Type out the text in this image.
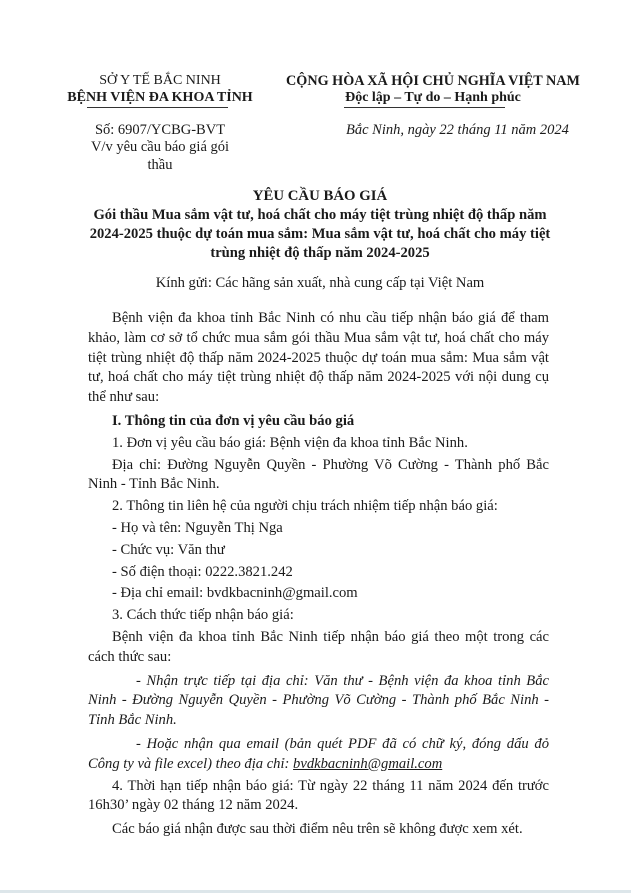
SỞ Y TẾ BẮC NINH
BỆNH VIỆN ĐA KHOA TỈNH
Số: 6907/YCBG-BVT
V/v yêu cầu báo giá gói
thầu
CỘNG HÒA XÃ HỘI CHỦ NGHĨA VIỆT NAM
Độc lập – Tự do – Hạnh phúc
Bắc Ninh, ngày 22 tháng 11 năm 2024
YÊU CẦU BÁO GIÁ
Gói thầu Mua sắm vật tư, hoá chất cho máy tiệt trùng nhiệt độ thấp năm
2024-2025 thuộc dự toán mua sắm: Mua sắm vật tư, hoá chất cho máy tiệt
trùng nhiệt độ thấp năm 2024-2025
Kính gửi: Các hãng sản xuất, nhà cung cấp tại Việt Nam

Bệnh viện đa khoa tỉnh Bắc Ninh có nhu cầu tiếp nhận báo giá để tham khảo, làm cơ sở tổ chức mua sắm gói thầu Mua sắm vật tư, hoá chất cho máy tiệt trùng nhiệt độ thấp năm 2024-2025 thuộc dự toán mua sắm: Mua sắm vật tư, hoá chất cho máy tiệt trùng nhiệt độ thấp năm 2024-2025 với nội dung cụ thể như sau:

I. Thông tin của đơn vị yêu cầu báo giá

1. Đơn vị yêu cầu báo giá: Bệnh viện đa khoa tỉnh Bắc Ninh.

Địa chỉ: Đường Nguyễn Quyền - Phường Võ Cường - Thành phố Bắc Ninh - Tỉnh Bắc Ninh.

2. Thông tin liên hệ của người chịu trách nhiệm tiếp nhận báo giá:

- Họ và tên: Nguyễn Thị Nga

- Chức vụ: Văn thư

- Số điện thoại: 0222.3821.242

- Địa chỉ email: bvdkbacninh@gmail.com

3. Cách thức tiếp nhận báo giá:

Bệnh viện đa khoa tỉnh Bắc Ninh tiếp nhận báo giá theo một trong các cách thức sau:

- Nhận trực tiếp tại địa chỉ: Văn thư - Bệnh viện đa khoa tỉnh Bắc Ninh - Đường Nguyễn Quyền - Phường Võ Cường - Thành phố Bắc Ninh - Tỉnh Bắc Ninh.

- Hoặc nhận qua email (bản quét PDF đã có chữ ký, đóng dấu đỏ Công ty và file excel) theo địa chỉ: bvdkbacninh@gmail.com

4. Thời hạn tiếp nhận báo giá: Từ ngày 22 tháng 11 năm 2024 đến trước 16h30’ ngày 02 tháng 12 năm 2024.

Các báo giá nhận được sau thời điểm nêu trên sẽ không được xem xét.
